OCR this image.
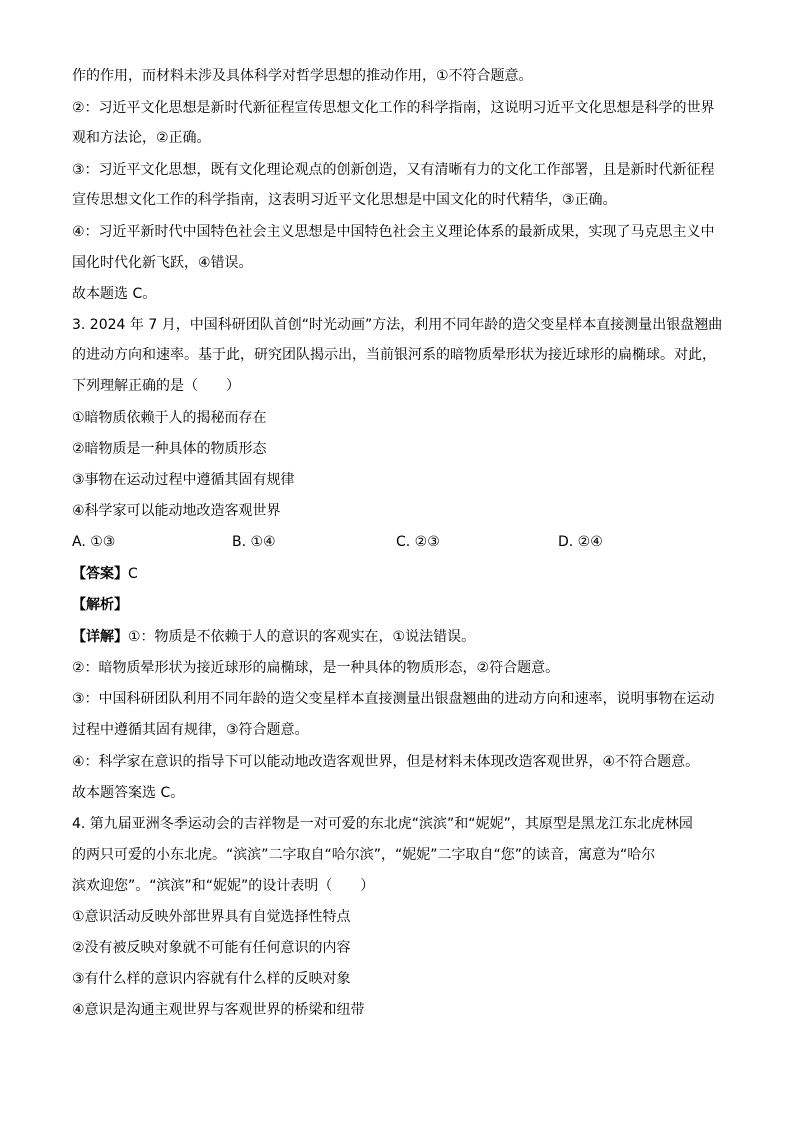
作的作用，而材料未涉及具体科学对哲学思想的推动作用，①不符合题意。
②：习近平文化思想是新时代新征程宣传思想文化工作的科学指南，这说明习近平文化思想是科学的世界
观和方法论，②正确。
③：习近平文化思想，既有文化理论观点的创新创造，又有清晰有力的文化工作部署，且是新时代新征程
宣传思想文化工作的科学指南，这表明习近平文化思想是中国文化的时代精华，③正确。
④：习近平新时代中国特色社会主义思想是中国特色社会主义理论体系的最新成果，实现了马克思主义中
国化时代化新飞跃，④错误。
故本题选 C。
3. 2024 年 7 月，中国科研团队首创“时光动画”方法，利用不同年龄的造父变星样本直接测量出银盘翘曲
的进动方向和速率。基于此，研究团队揭示出，当前银河系的暗物质晕形状为接近球形的扁椭球。对此，
下列理解正确的是（　　）
①暗物质依赖于人的揭秘而存在
②暗物质是一种具体的物质形态
③事物在运动过程中遵循其固有规律
④科学家可以能动地改造客观世界
A. ①③	B. ①④	C. ②③	D. ②④
【答案】C
【解析】
【详解】①：物质是不依赖于人的意识的客观实在，①说法错误。
②：暗物质晕形状为接近球形的扁椭球，是一种具体的物质形态，②符合题意。
③：中国科研团队利用不同年龄的造父变星样本直接测量出银盘翘曲的进动方向和速率，说明事物在运动
过程中遵循其固有规律，③符合题意。
④：科学家在意识的指导下可以能动地改造客观世界，但是材料未体现改造客观世界，④不符合题意。
故本题答案选 C。
4. 第九届亚洲冬季运动会的吉祥物是一对可爱的东北虎“滨滨”和“妮妮”，其原型是黑龙江东北虎林园
的两只可爱的小东北虎。“滨滨”二字取自“哈尔滨”，“妮妮”二字取自“您”的读音，寓意为“哈尔
滨欢迎您”。“滨滨”和“妮妮”的设计表明（　　）
①意识活动反映外部世界具有自觉选择性特点
②没有被反映对象就不可能有任何意识的内容
③有什么样的意识内容就有什么样的反映对象
④意识是沟通主观世界与客观世界的桥梁和纽带
